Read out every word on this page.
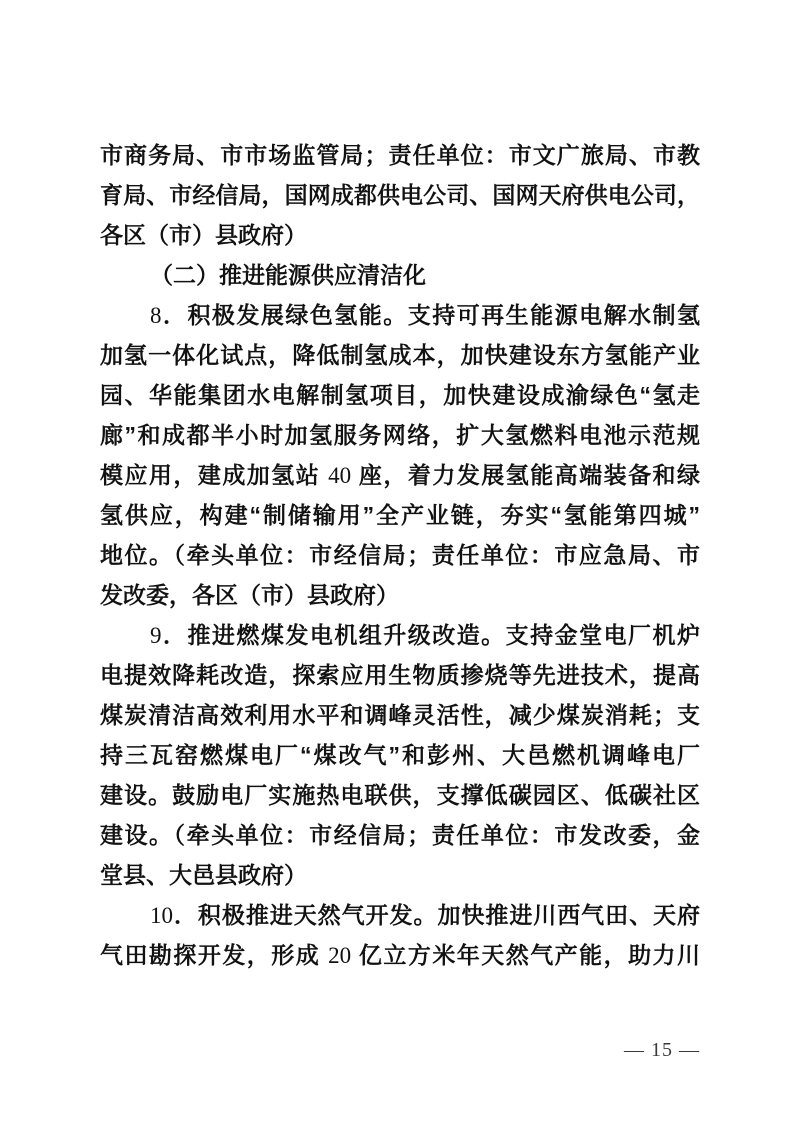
市商务局、市市场监管局；责任单位：市文广旅局、市教
育局、市经信局，国网成都供电公司、国网天府供电公司，
各区（市）县政府）
（二）推进能源供应清洁化
8．积极发展绿色氢能。支持可再生能源电解水制氢
加氢一体化试点，降低制氢成本，加快建设东方氢能产业
园、华能集团水电解制氢项目，加快建设成渝绿色“氢走
廊”和成都半小时加氢服务网络，扩大氢燃料电池示范规
模应用，建成加氢站 40 座，着力发展氢能高端装备和绿
氢供应，构建“制储输用”全产业链，夯实“氢能第四城”
地位。（牵头单位：市经信局；责任单位：市应急局、市
发改委，各区（市）县政府）
9．推进燃煤发电机组升级改造。支持金堂电厂机炉
电提效降耗改造，探索应用生物质掺烧等先进技术，提高
煤炭清洁高效利用水平和调峰灵活性，减少煤炭消耗；支
持三瓦窑燃煤电厂“煤改气”和彭州、大邑燃机调峰电厂
建设。鼓励电厂实施热电联供，支撑低碳园区、低碳社区
建设。（牵头单位：市经信局；责任单位：市发改委，金
堂县、大邑县政府）
10．积极推进天然气开发。加快推进川西气田、天府
气田勘探开发，形成 20 亿立方米年天然气产能，助力川
— 15 —
